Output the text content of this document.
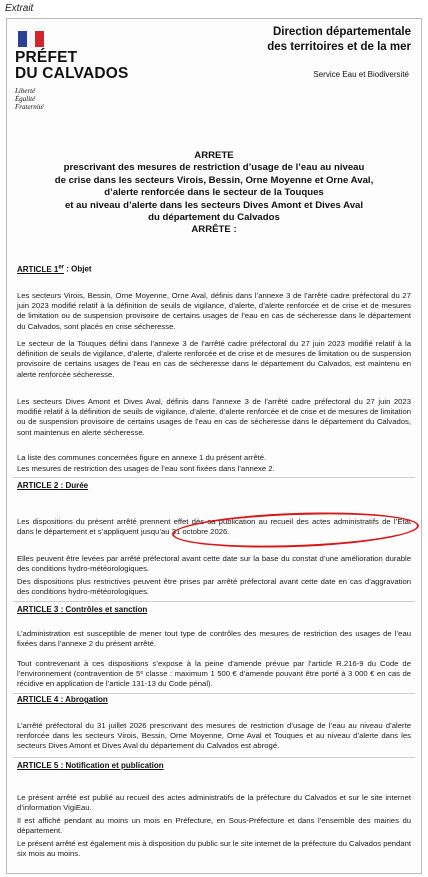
Extrait
PRÉFET
DU CALVADOS
Liberté
Égalité
Fraternité
Direction départementale
des territoires et de la mer
Service Eau et Biodiversité
ARRETE
prescrivant des mesures de restriction d’usage de l’eau au niveau
de crise dans les secteurs Virois, Bessin, Orne Moyenne et Orne Aval,
d’alerte renforcée dans le secteur de la Touques
et au niveau d’alerte dans les secteurs Dives Amont et Dives Aval
du département du Calvados
ARRÊTE :
ARTICLE 1er : Objet
Les secteurs Virois, Bessin, Orne Moyenne, Orne Aval, définis dans l’annexe 3 de l’arrêté cadre préfectoral du 27 juin 2023 modifié relatif à la définition de seuils de vigilance, d’alerte, d’alerte renforcée et de crise et de mesures de limitation ou de suspension provisoire de certains usages de l’eau en cas de sécheresse dans le département du Calvados, sont placés en crise sécheresse.
Le secteur de la Touques défini dans l’annexe 3 de l’arrêté cadre préfectoral du 27 juin 2023 modifié relatif à la définition de seuils de vigilance, d’alerte, d’alerte renforcée et de crise et de mesures de limitation ou de suspension provisoire de certains usages de l’eau en cas de sécheresse dans le département du Calvados, est maintenu en alerte renforcée sécheresse.
Les secteurs Dives Amont et Dives Aval, définis dans l’annexe 3 de l’arrêté cadre préfectoral du 27 juin 2023 modifié relatif à la définition de seuils de vigilance, d’alerte, d’alerte renforcée et de crise et de mesures de limitation ou de suspension provisoire de certains usages de l’eau en cas de sécheresse dans le département du Calvados, sont maintenus en alerte sécheresse.
La liste des communes concernées figure en annexe 1 du présent arrêté.
Les mesures de restriction des usages de l’eau sont fixées dans l’annexe 2.
ARTICLE 2 : Durée
Les dispositions du présent arrêté prennent effet dès sa publication au recueil des actes administratifs de l’État dans le département et s’appliquent jusqu’au 31 octobre 2026.
Elles peuvent être levées par arrêté préfectoral avant cette date sur la base du constat d’une amélioration durable des conditions hydro-météorologiques.
Des dispositions plus restrictives peuvent être prises par arrêté préfectoral avant cette date en cas d’aggravation des conditions hydro-météorologiques.
ARTICLE 3 : Contrôles et sanction
L’administration est susceptible de mener tout type de contrôles des mesures de restriction des usages de l’eau fixées dans l’annexe 2 du présent arrêté.
Tout contrevenant à ces dispositions s’expose à la peine d’amende prévue par l’article R.216-9 du Code de l’environnement (contravention de 5ᵉ classe : maximum 1 500 € d’amende pouvant être porté à 3 000 € en cas de récidive en application de l’article 131-13 du Code pénal).
ARTICLE 4 : Abrogation
L’arrêté préfectoral du 31 juillet 2026 prescrivant des mesures de restriction d’usage de l’eau au niveau d’alerte renforcée dans les secteurs Virois, Bessin, Orne Moyenne, Orne Aval et Touques et au niveau d’alerte dans les secteurs Dives Amont et Dives Aval du département du Calvados est abrogé.
ARTICLE 5 : Notification et publication
Le présent arrêté est publié au recueil des actes administratifs de la préfecture du Calvados et sur le site internet d’information VigiEau.
Il est affiché pendant au moins un mois en Préfecture, en Sous-Préfecture et dans l’ensemble des mairies du département.
Le présent arrêté est également mis à disposition du public sur le site internet de la préfecture du Calvados pendant six mois au moins.
